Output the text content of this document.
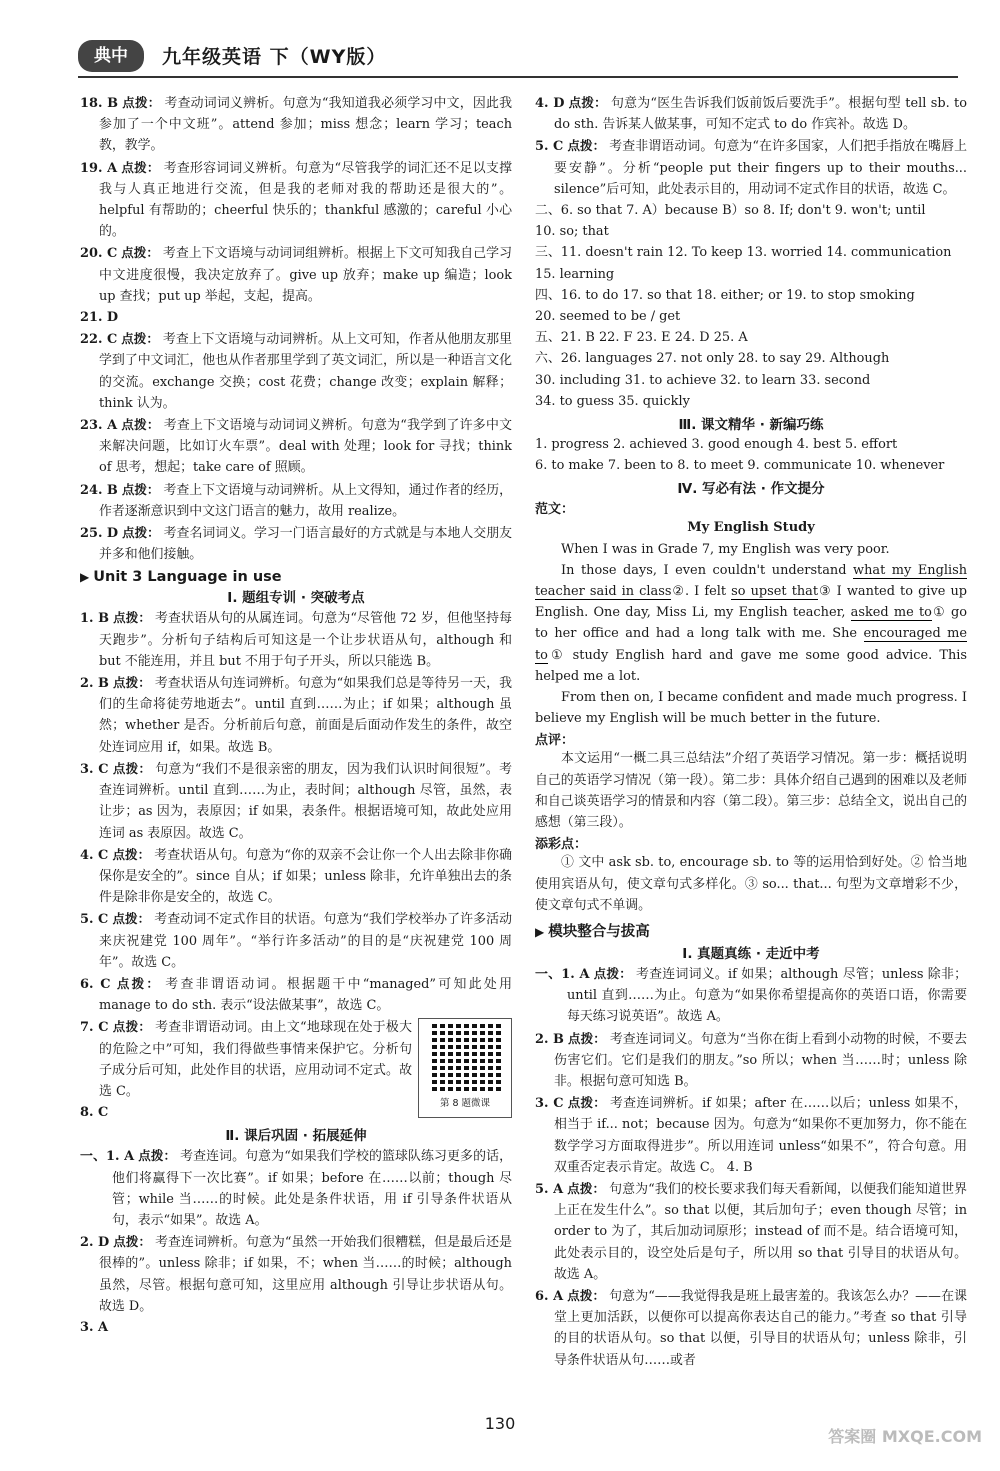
典中	九年级英语 下（WY版）

18. B 点拨： 考查动词词义辨析。句意为“我知道我必须学习中文，因此我参加了一个中文班”。attend 参加；miss 想念；learn 学习；teach 教，教学。

19. A 点拨： 考查形容词词义辨析。句意为“尽管我学的词汇还不足以支撑我与人真正地进行交流，但是我的老师对我的帮助还是很大的”。helpful 有帮助的；cheerful 快乐的；thankful 感激的；careful 小心的。

20. C 点拨： 考查上下文语境与动词词组辨析。根据上下文可知我自己学习中文进度很慢，我决定放弃了。give up 放弃；make up 编造；look up 查找；put up 举起，支起，提高。

21. D

22. C 点拨： 考查上下文语境与动词辨析。从上文可知，作者从他朋友那里学到了中文词汇，他也从作者那里学到了英文词汇，所以是一种语言文化的交流。exchange 交换；cost 花费；change 改变；explain 解释；think 认为。

23. A 点拨： 考查上下文语境与动词词义辨析。句意为“我学到了许多中文来解决问题，比如订火车票”。deal with 处理；look for 寻找；think of 思考，想起；take care of 照顾。

24. B 点拨： 考查上下文语境与动词辨析。从上文得知，通过作者的经历，作者逐渐意识到中文这门语言的魅力，故用 realize。

25. D 点拨： 考查名词词义。学习一门语言最好的方式就是与本地人交朋友并多和他们接触。

▶ Unit 3 Language in use

Ⅰ. 题组专训 · 突破考点

1. B 点拨： 考查状语从句的从属连词。句意为“尽管他 72 岁，但他坚持每天跑步”。分析句子结构后可知这是一个让步状语从句，although 和 but 不能连用，并且 but 不用于句子开头，所以只能选 B。

2. B 点拨： 考查状语从句连词辨析。句意为“如果我们总是等待另一天，我们的生命将徒劳地逝去”。until 直到……为止；if 如果；although 虽然；whether 是否。分析前后句意，前面是后面动作发生的条件，故空处连词应用 if，如果。故选 B。

3. C 点拨： 句意为“我们不是很亲密的朋友，因为我们认识时间很短”。考查连词辨析。until 直到……为止，表时间；although 尽管，虽然，表让步；as 因为，表原因；if 如果，表条件。根据语境可知，故此处应用连词 as 表原因。故选 C。

4. C 点拨： 考查状语从句。句意为“你的双亲不会让你一个人出去除非你确保你是安全的”。since 自从；if 如果；unless 除非，允许单独出去的条件是除非你是安全的，故选 C。

5. C 点拨： 考查动词不定式作目的状语。句意为“我们学校举办了许多活动来庆祝建党 100 周年”。“举行许多活动”的目的是“庆祝建党 100 周年”。故选 C。

6. C 点拨： 考查非谓语动词。根据题干中“managed”可知此处用 manage to do sth. 表示“设法做某事”，故选 C。

第 8 题微课

7. C 点拨： 考查非谓语动词。由上文“地球现在处于极大的危险之中”可知，我们得做些事情来保护它。分析句子成分后可知，此处作目的状语，应用动词不定式。故选 C。

8. C

Ⅱ. 课后巩固 · 拓展延伸

一、1. A 点拨： 考查连词。句意为“如果我们学校的篮球队练习更多的话，他们将赢得下一次比赛”。if 如果；before 在……以前；though 尽管；while 当……的时候。此处是条件状语，用 if 引导条件状语从句，表示“如果”。故选 A。

2. D 点拨： 考查连词辨析。句意为“虽然一开始我们很糟糕，但是最后还是很棒的”。unless 除非；if 如果，不；when 当……的时候；although 虽然，尽管。根据句意可知，这里应用 although 引导让步状语从句。故选 D。

3. A

4. D 点拨： 句意为“医生告诉我们饭前饭后要洗手”。根据句型 tell sb. to do sth. 告诉某人做某事，可知不定式 to do 作宾补。故选 D。

5. C 点拨： 考查非谓语动词。句意为“在许多国家，人们把手指放在嘴唇上要安静”。分析“people put their fingers up to their mouths... silence”后可知，此处表示目的，用动词不定式作目的状语，故选 C。

二、6. so that 7. A）because B）so 8. If; don't 9. won't; until

10. so; that

三、11. doesn't rain 12. To keep 13. worried 14. communication

15. learning

四、16. to do 17. so that 18. either; or 19. to stop smoking

20. seemed to be / get

五、21. B 22. F 23. E 24. D 25. A

六、26. languages 27. not only 28. to say 29. Although

30. including 31. to achieve 32. to learn 33. second

34. to guess 35. quickly

Ⅲ. 课文精华 · 新编巧练

1. progress 2. achieved 3. good enough 4. best 5. effort

6. to make 7. been to 8. to meet 9. communicate 10. whenever

Ⅳ. 写必有法 · 作文提分

范文：

My English Study

When I was in Grade 7, my English was very poor.

In those days, I even couldn't understand what my English teacher said in class②. I felt so upset that③ I wanted to give up English. One day, Miss Li, my English teacher, asked me to① go to her office and had a long talk with me. She encouraged me to① study English hard and gave me some good advice. This helped me a lot.

From then on, I became confident and made much progress. I believe my English will be much better in the future.

点评：

本文运用“一概二具三总结法”介绍了英语学习情况。第一步：概括说明自己的英语学习情况（第一段）。第二步：具体介绍自己遇到的困难以及老师和自己谈英语学习的情景和内容（第二段）。第三步：总结全文，说出自己的感想（第三段）。

添彩点：

① 文中 ask sb. to, encourage sb. to 等的运用恰到好处。② 恰当地使用宾语从句，使文章句式多样化。③ so... that... 句型为文章增彩不少，使文章句式不单调。

▶ 模块整合与拔高

Ⅰ. 真题真练 · 走近中考

一、1. A 点拨： 考查连词词义。if 如果；although 尽管；unless 除非；until 直到……为止。句意为“如果你希望提高你的英语口语，你需要每天练习说英语”。故选 A。

2. B 点拨： 考查连词词义。句意为“当你在街上看到小动物的时候，不要去伤害它们。它们是我们的朋友。”so 所以；when 当……时；unless 除非。根据句意可知选 B。

3. C 点拨： 考查连词辨析。if 如果；after 在……以后；unless 如果不，相当于 if... not；because 因为。句意为“如果你不更加努力，你不能在数学学习方面取得进步”。所以用连词 unless“如果不”，符合句意。用双重否定表示肯定。故选 C。 4. B

5. A 点拨： 句意为“我们的校长要求我们每天看新闻，以便我们能知道世界上正在发生什么”。so that 以便，其后加句子；even though 尽管；in order to 为了，其后加动词原形；instead of 而不是。结合语境可知，此处表示目的，设空处后是句子，所以用 so that 引导目的状语从句。故选 A。

6. A 点拨： 句意为“——我觉得我是班上最害羞的。我该怎么办？——在课堂上更加活跃，以便你可以提高你表达自己的能力。”考查 so that 引导的目的状语从句。so that 以便，引导目的状语从句；unless 除非，引导条件状语从句……或者

130
答案圈 MXQE.COM
